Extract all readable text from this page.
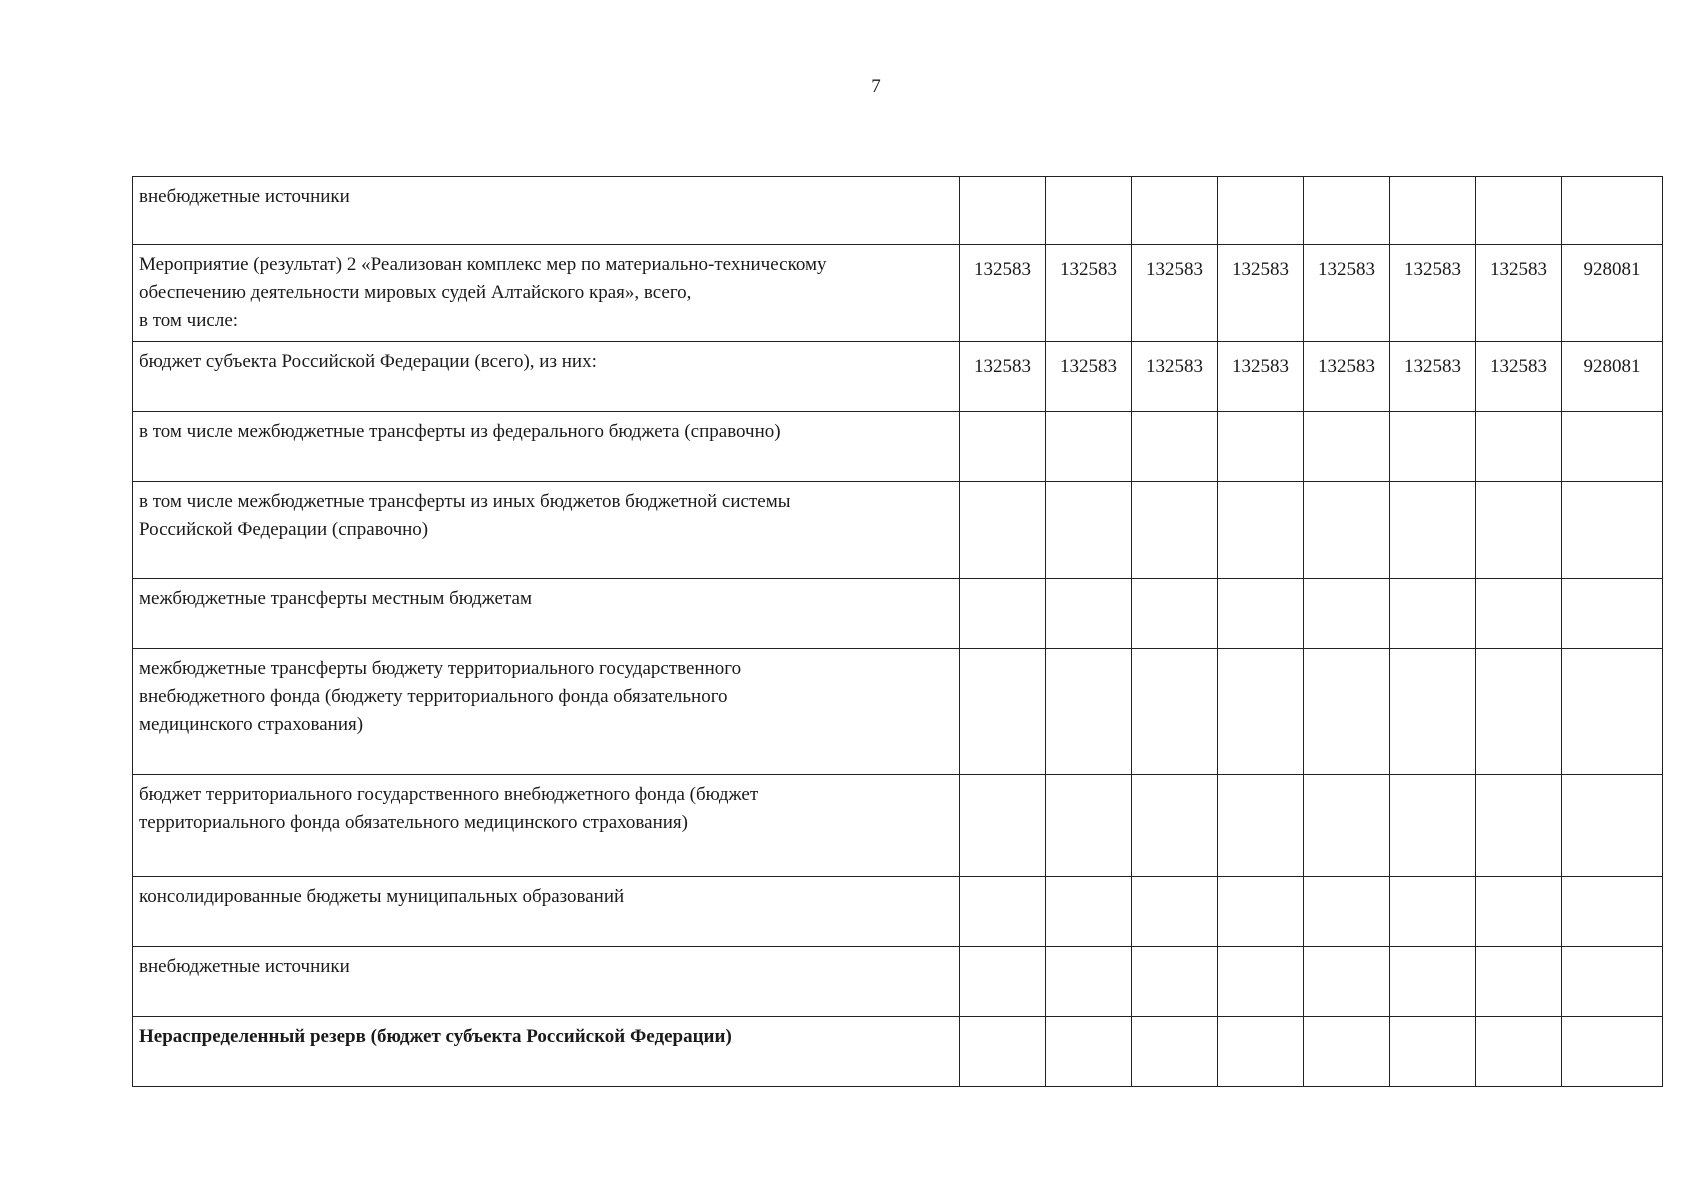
7
внебюджетные источники								
Мероприятие (результат) 2 «Реализован комплекс мер по материально-техническому
обеспечению деятельности мировых судей Алтайского края», всего,
в том числе:	132583	132583	132583	132583	132583	132583	132583	928081
бюджет субъекта Российской Федерации (всего), из них:	132583	132583	132583	132583	132583	132583	132583	928081
в том числе межбюджетные трансферты из федерального бюджета (справочно)								
в том числе межбюджетные трансферты из иных бюджетов бюджетной системы
Российской Федерации (справочно)								
межбюджетные трансферты местным бюджетам								
межбюджетные трансферты бюджету территориального государственного
внебюджетного фонда (бюджету территориального фонда обязательного
медицинского страхования)								
бюджет территориального государственного внебюджетного фонда (бюджет
территориального фонда обязательного медицинского страхования)								
консолидированные бюджеты муниципальных образований								
внебюджетные источники								
Нераспределенный резерв (бюджет субъекта Российской Федерации)								
